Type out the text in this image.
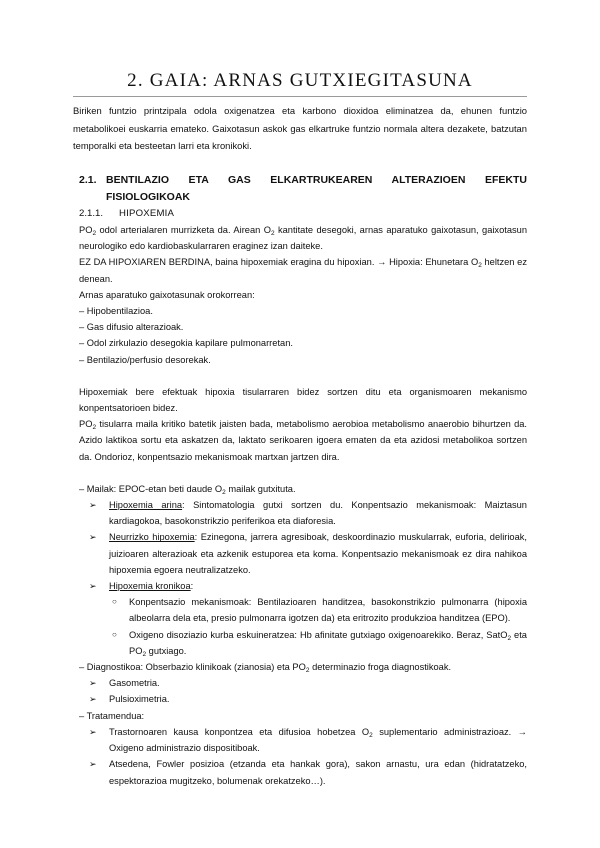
2. GAIA: ARNAS GUTXIEGITASUNA
Biriken funtzio printzipala odola oxigenatzea eta karbono dioxidoa eliminatzea da, ehunen funtzio metabolikoei euskarria emateko. Gaixotasun askok gas elkartruke funtzio normala altera dezakete, batzutan temporalki eta besteetan larri eta kronikoki.
2.1. BENTILAZIO ETA GAS ELKARTRUKEAREN ALTERAZIOEN EFEKTU
FISIOLOGIKOAK
2.1.1. HIPOXEMIA

$PO_2$ odol arterialaren murrizketa da. Airean $O_2$ kantitate desegoki, arnas aparatuko gaixotasun, gaixotasun neurologiko edo kardiobaskularraren eraginez izan daiteke.

EZ DA HIPOXIAREN BERDINA, baina hipoxemiak eragina du hipoxian. → Hipoxia: Ehunetara $O_2$ heltzen ez denean.

Arnas aparatuko gaixotasunak orokorrean:

– Hipobentilazioa.

– Gas difusio alterazioak.

– Odol zirkulazio desegokia kapilare pulmonarretan.

– Bentilazio/perfusio desorekak.

Hipoxemiak bere efektuak hipoxia tisularraren bidez sortzen ditu eta organismoaren mekanismo konpentsatorioen bidez.

$PO_2$ tisularra maila kritiko batetik jaisten bada, metabolismo aerobioa metabolismo anaerobio bihurtzen da. Azido laktikoa sortu eta askatzen da, laktato serikoaren igoera ematen da eta azidosi metabolikoa sortzen da. Ondorioz, konpentsazio mekanismoak martxan jartzen dira.

– Mailak: EPOC-etan beti daude $O_2$ mailak gutxituta.

➢ Hipoxemia arina: Sintomatologia gutxi sortzen du. Konpentsazio mekanismoak: Maiztasun kardiagokoa, basokonstrikzio periferikoa eta diaforesia.
➢ Neurrizko hipoxemia: Ezinegona, jarrera agresiboak, deskoordinazio muskularrak, euforia, delirioak, juizioaren alterazioak eta azkenik estuporea eta koma. Konpentsazio mekanismoak ez dira nahikoa hipoxemia egoera neutralizatzeko.
➢ Hipoxemia kronikoa:
○ Konpentsazio mekanismoak: Bentilazioaren handitzea, basokonstrikzio pulmonarra (hipoxia albeolarra dela eta, presio pulmonarra igotzen da) eta eritrozito produkzioa handitzea (EPO).
○ Oxigeno disoziazio kurba eskuineratzea: Hb afinitate gutxiago oxigenoarekiko. Beraz, SatO$_2$ eta $PO_2$ gutxiago.

– Diagnostikoa: Obserbazio klinikoak (zianosia) eta $PO_2$ determinazio froga diagnostikoak.

➢ Gasometria.
➢ Pulsioximetria.

– Tratamendua:

➢ Trastornoaren kausa konpontzea eta difusioa hobetzea $O_2$ suplementario administrazioaz. → Oxigeno administrazio dispositiboak.
➢ Atsedena, Fowler posizioa (etzanda eta hankak gora), sakon arnastu, ura edan (hidratatzeko, espektorazioa mugitzeko, bolumenak orekatzeko…).
